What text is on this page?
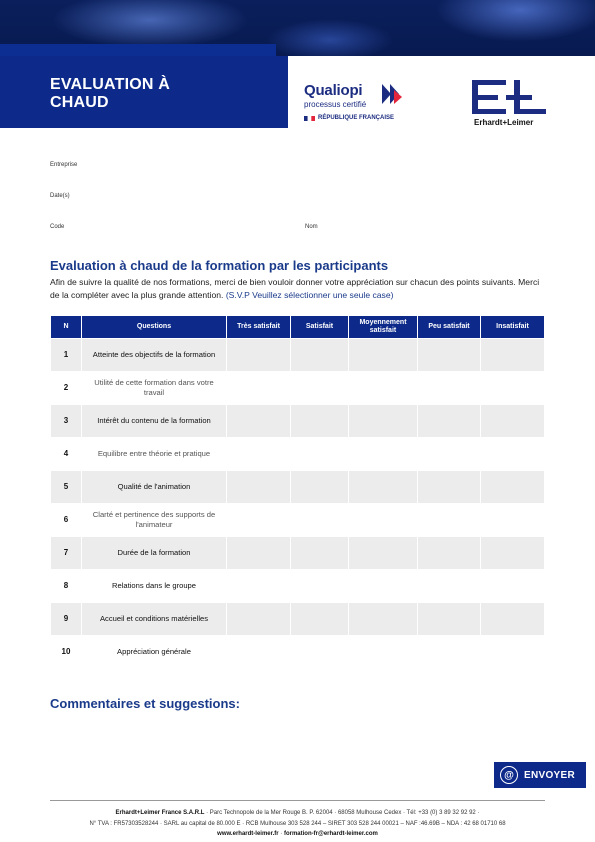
EVALUATION À
CHAUD
Qualiopi
processus certifié
RÉPUBLIQUE FRANÇAISE	Erhardt+Leimer
Entreprise
Date(s)
Code	Nom
Evaluation à chaud de la formation par les participants
Afin de suivre la qualité de nos formations, merci de bien vouloir donner votre appréciation sur chacun des points suivants. Merci de la compléter avec la plus grande attention. (S.V.P Veuillez sélectionner une seule case)
N	Questions	Très satisfait	Satisfait	Moyennement satisfait	Peu satisfait	Insatisfait
1	Atteinte des objectifs de la formation					
2	Utilité de cette formation dans votre travail					
3	Intérêt du contenu de la formation					
4	Equilibre entre théorie et pratique					
5	Qualité de l'animation					
6	Clarté et pertinence des supports de l'animateur					
7	Durée de la formation					
8	Relations dans le groupe					
9	Accueil et conditions matérielles					
10	Appréciation générale					
Commentaires et suggestions:
@	ENVOYER
Erhardt+Leimer France S.A.R.L · Parc Technopole de la Mer Rouge B. P. 62004 · 68058 Mulhouse Cedex · Tél: +33 (0) 3 89 32 92 92 ·
N° TVA : FR57303528244 · SARL au capital de 80.000 E · RCB Mulhouse 303 528 244 – SIRET 303 528 244 00021 – NAF :46.69B – NDA : 42 68 01710 68
www.erhardt-leimer.fr · formation-fr@erhardt-leimer.com
